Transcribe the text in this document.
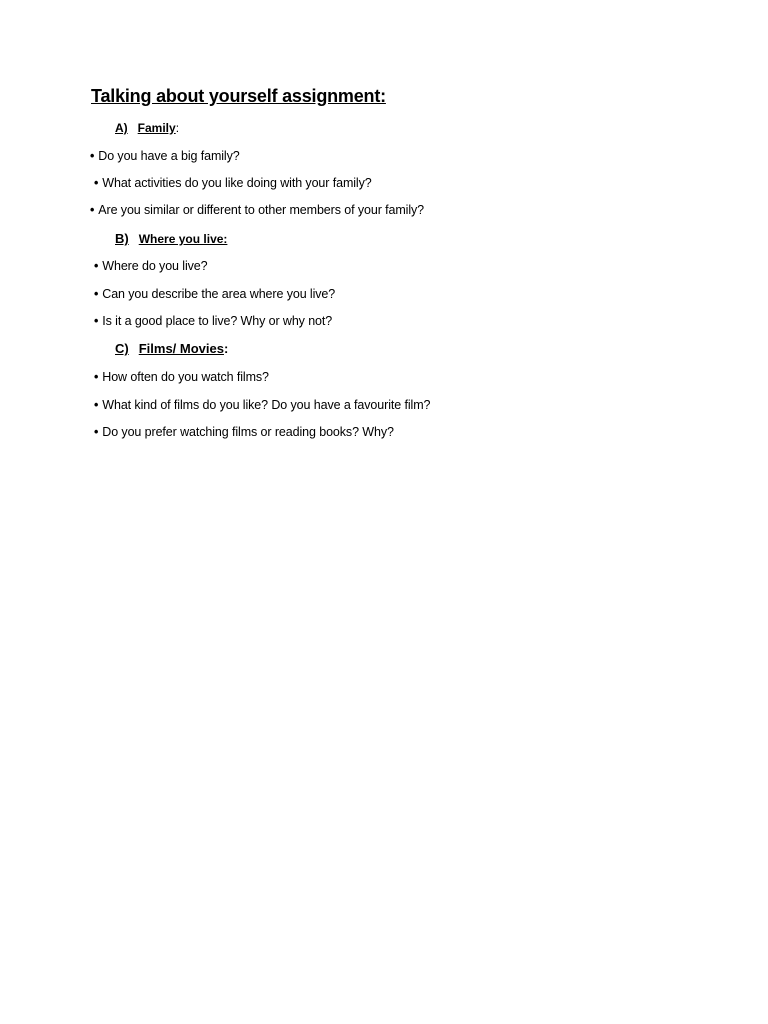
Talking about yourself assignment:
A) Family:
• Do you have a big family?
• What activities do you like doing with your family?
• Are you similar or different to other members of your family?
B) Where you live:
• Where do you live?
• Can you describe the area where you live?
• Is it a good place to live? Why or why not?
C) Films/ Movies:
• How often do you watch films?
• What kind of films do you like? Do you have a favourite film?
• Do you prefer watching films or reading books? Why?
